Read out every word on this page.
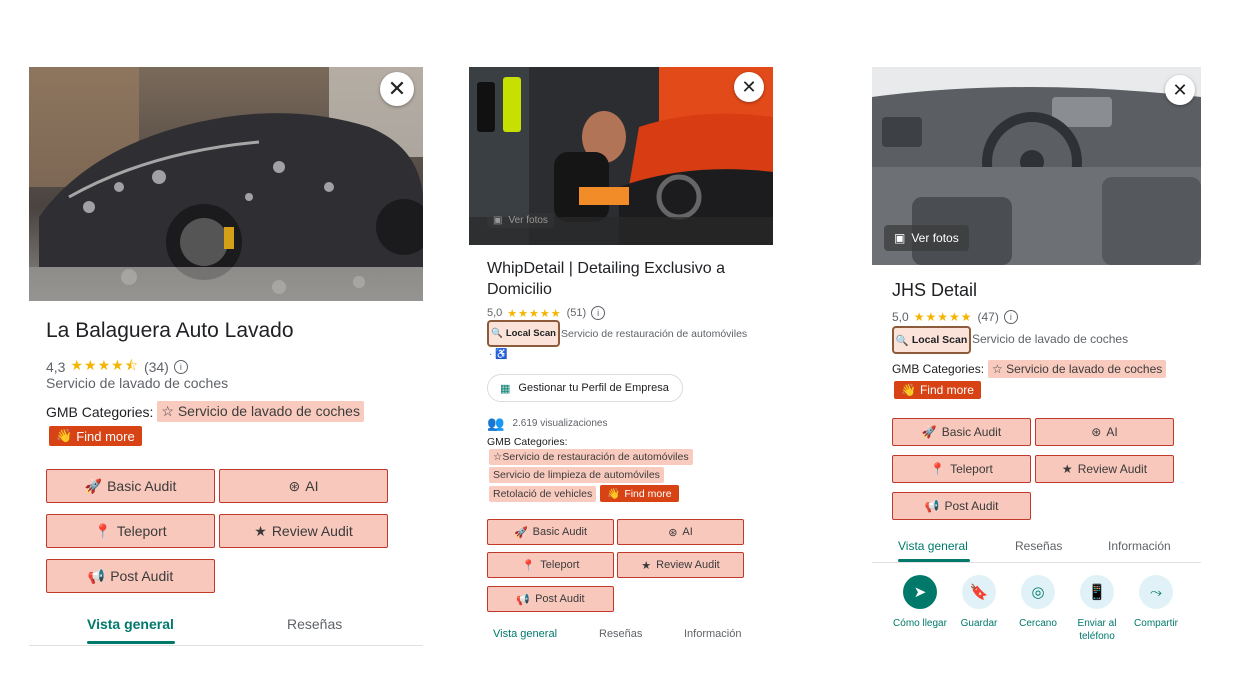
✕
La Balaguera Auto Lavado
4,3 ★★★★⯪ (34)	i
Servicio de lavado de coches
GMB Categories: ☆ Servicio de lavado de coches
👋 Find more
🚀 Basic Audit	⊛ AI
📍 Teleport	★ Review Audit
📢 Post Audit
Vista general	Reseñas
▣ Ver fotos
✕
WhipDetail | Detailing Exclusivo a Domicilio
5,0 ★★★★★ (51)	i
🔍 Local Scan Servicio de restauración de automóviles
· ♿
▦ Gestionar tu Perfil de Empresa
👥 2.619 visualizaciones
GMB Categories:
☆Servicio de restauración de automóviles
Servicio de limpieza de automóviles
Retolació de vehicles	👋 Find more
🚀 Basic Audit	⊛ AI
📍 Teleport	★ Review Audit
📢 Post Audit
Vista general	Reseñas	Información
▣ Ver fotos
✕
JHS Detail
5,0 ★★★★★ (47)	i
🔍 Local Scan Servicio de lavado de coches
GMB Categories: ☆ Servicio de lavado de coches
👋 Find more
🚀 Basic Audit	⊛ AI
📍 Teleport	★ Review Audit
📢 Post Audit
Vista general	Reseñas	Información
➤
Cómo llegar
🔖
Guardar
◎
Cercano
📱
Enviar al teléfono
⤳
Compartir
